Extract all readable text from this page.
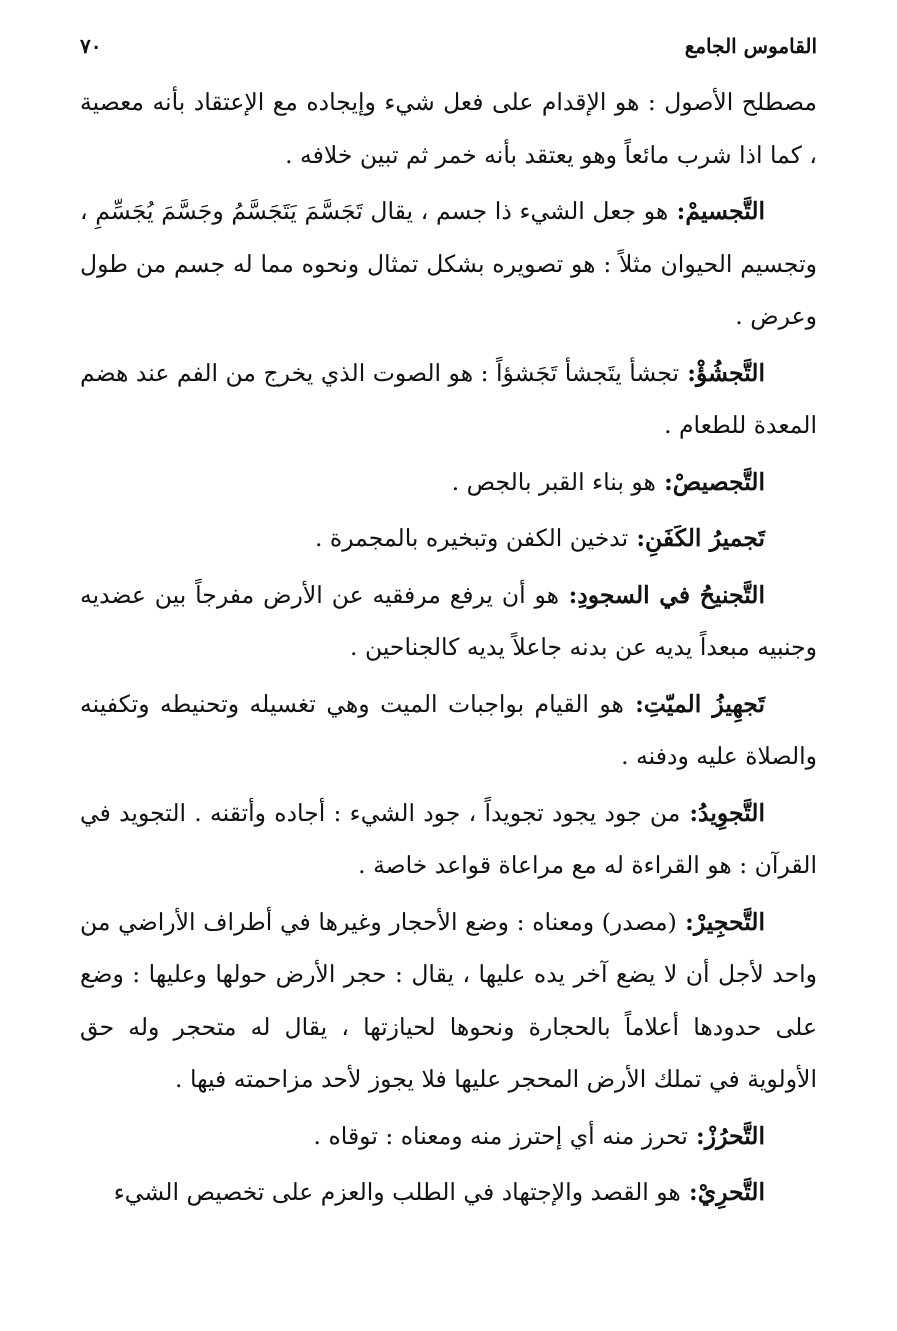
القاموس الجامع
٧٠

مصطلح الأصول : هو الإقدام على فعل شيء وإيجاده مع الإعتقاد بأنه معصية ، كما اذا شرب مائعاً وهو يعتقد بأنه خمر ثم تبين خلافه .

التَّجسيمْ: هو جعل الشيء ذا جسم ، يقال تَجَسَّمَ يَتَجَسَّمُ وجَسَّمَ يُجَسِّمِ ، وتجسيم الحيوان مثلاً : هو تصويره بشكل تمثال ونحوه مما له جسم من طول وعرض .

التَّجشُؤْ: تجشأ يتَجشأ تَجَشؤاً : هو الصوت الذي يخرج من الفم عند هضم المعدة للطعام .

التَّجصيصْ: هو بناء القبر بالجص .

تَجميرُ الكَفَنِ: تدخين الكفن وتبخيره بالمجمرة .

التَّجنيحُ في السجودِ: هو أن يرفع مرفقيه عن الأرض مفرجاً بين عضديه وجنبيه مبعداً يديه عن بدنه جاعلاً يديه كالجناحين .

تَجهِيزُ الميّتِ: هو القيام بواجبات الميت وهي تغسيله وتحنيطه وتكفينه والصلاة عليه ودفنه .

التَّجوِيدُ: من جود يجود تجويداً ، جود الشيء : أجاده وأتقنه . التجويد في القرآن : هو القراءة له مع مراعاة قواعد خاصة .

التَّحجِيرْ: (مصدر) ومعناه : وضع الأحجار وغيرها في أطراف الأراضي من واحد لأجل أن لا يضع آخر يده عليها ، يقال : حجر الأرض حولها وعليها : وضع على حدودها أعلاماً بالحجارة ونحوها لحيازتها ، يقال له متحجر وله حق الأولوية في تملك الأرض المحجر عليها فلا يجوز لأحد مزاحمته فيها .

التَّحرُزْ: تحرز منه أي إحترز منه ومعناه : توقاه .

التَّحرِيْ: هو القصد والإجتهاد في الطلب والعزم على تخصيص الشيء
